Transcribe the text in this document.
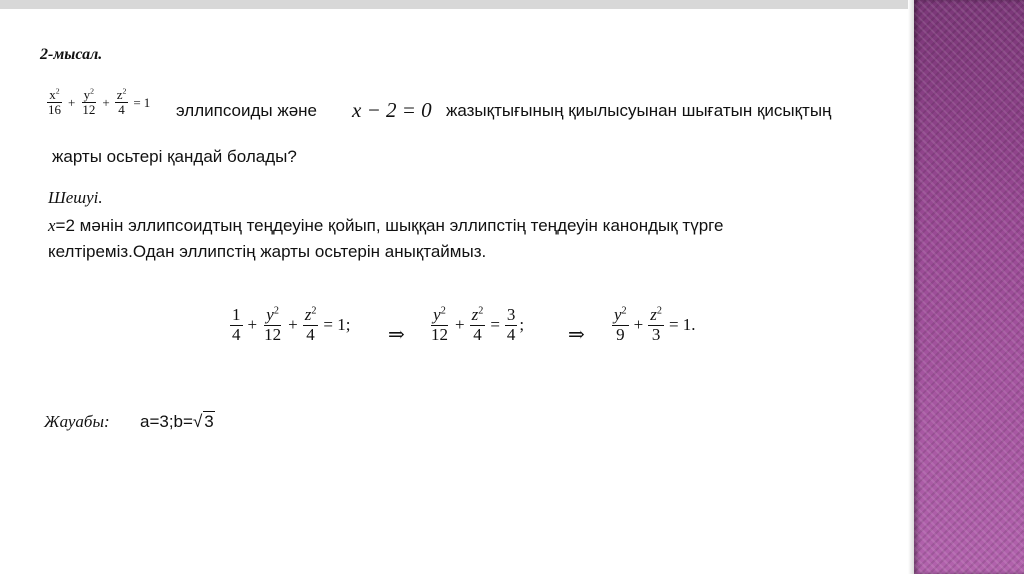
2-мысал.
$\frac{x^2}{16} + \frac{y^2}{12} + \frac{z^2}{4} = 1$ эллипсоиды және x − 2 = 0 жазықтығының қиылысуынан шығатын қисықтың
жарты осьтері қандай болады?
Шешуі.
x=2 мәнін эллипсоидтың теңдеуіне қойып, шыққан эллипстің теңдеуін канондық түрге
келтіреміз.Одан эллипстің жарты осьтерін анықтаймыз.
$\frac{1}{4} + \frac{y^2}{12} + \frac{z^2}{4} = 1$; ⇒ $\frac{y^2}{12} + \frac{z^2}{4} = \frac{3}{4}$ ; ⇒ $\frac{y^2}{9} + \frac{z^2}{3} = 1$.
Жауабы: a=3;b= √ 3
